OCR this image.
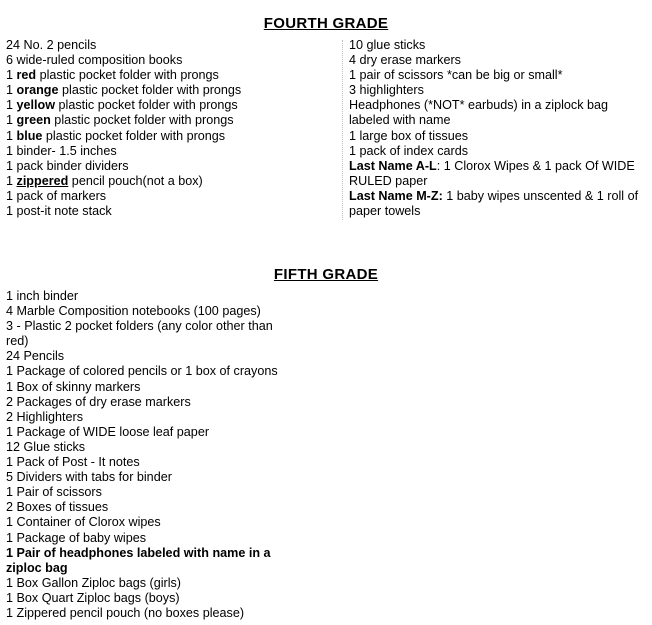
FOURTH GRADE
24 No. 2 pencils
6 wide-ruled composition books
1 red plastic pocket folder with prongs
1 orange plastic pocket folder with prongs
1 yellow plastic pocket folder with prongs
1 green plastic pocket folder with prongs
1 blue plastic pocket folder with prongs
1 binder- 1.5 inches
1 pack binder dividers
1 zippered pencil pouch(not a box)
1 pack of markers
1 post-it note stack
10 glue sticks
4 dry erase markers
1 pair of scissors *can be big or small*
3 highlighters
Headphones (*NOT* earbuds) in a ziplock bag labeled with name
1 large box of tissues
1 pack of index cards
Last Name A-L: 1 Clorox Wipes & 1 pack Of WIDE RULED paper
Last Name M-Z: 1 baby wipes unscented & 1 roll of paper towels
FIFTH GRADE
1 inch binder
4 Marble Composition notebooks (100 pages)
3 - Plastic 2 pocket folders (any color other than red)
24 Pencils
1 Package of colored pencils or 1 box of crayons
1 Box of skinny markers
2 Packages of dry erase markers
2 Highlighters
1 Package of WIDE loose leaf paper
12 Glue sticks
1 Pack of Post - It notes
5 Dividers with tabs for binder
1 Pair of scissors
2 Boxes of tissues
1 Container of Clorox wipes
1 Package of baby wipes
1 Pair of headphones labeled with name in a ziploc bag
1 Box Gallon Ziploc bags (girls)
1 Box Quart Ziploc bags (boys)
1 Zippered pencil pouch (no boxes please)
